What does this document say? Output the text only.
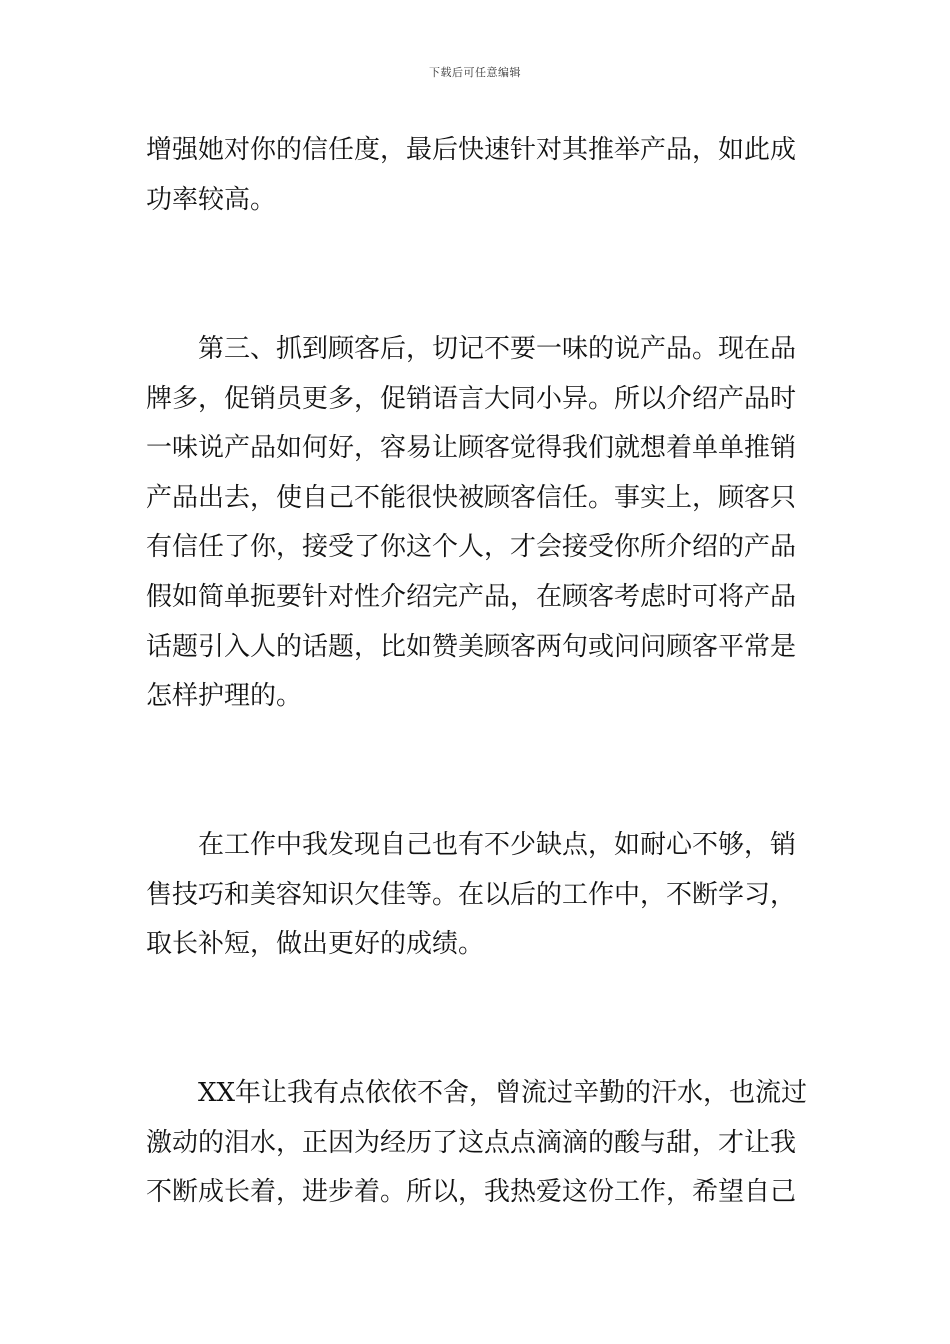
下载后可任意编辑
增强她对你的信任度，最后快速针对其推举产品，如此成
功率较高。
第三、抓到顾客后，切记不要一味的说产品。现在品
牌多，促销员更多，促销语言大同小异。所以介绍产品时
一味说产品如何好，容易让顾客觉得我们就想着单单推销
产品出去，使自己不能很快被顾客信任。事实上，顾客只
有信任了你，接受了你这个人，才会接受你所介绍的产品
假如简单扼要针对性介绍完产品，在顾客考虑时可将产品
话题引入人的话题，比如赞美顾客两句或问问顾客平常是
怎样护理的。
在工作中我发现自己也有不少缺点，如耐心不够，销
售技巧和美容知识欠佳等。在以后的工作中，不断学习，
取长补短，做出更好的成绩。
XX年让我有点依依不舍，曾流过辛勤的汗水，也流过
激动的泪水，正因为经历了这点点滴滴的酸与甜，才让我
不断成长着，进步着。所以，我热爱这份工作，希望自己
